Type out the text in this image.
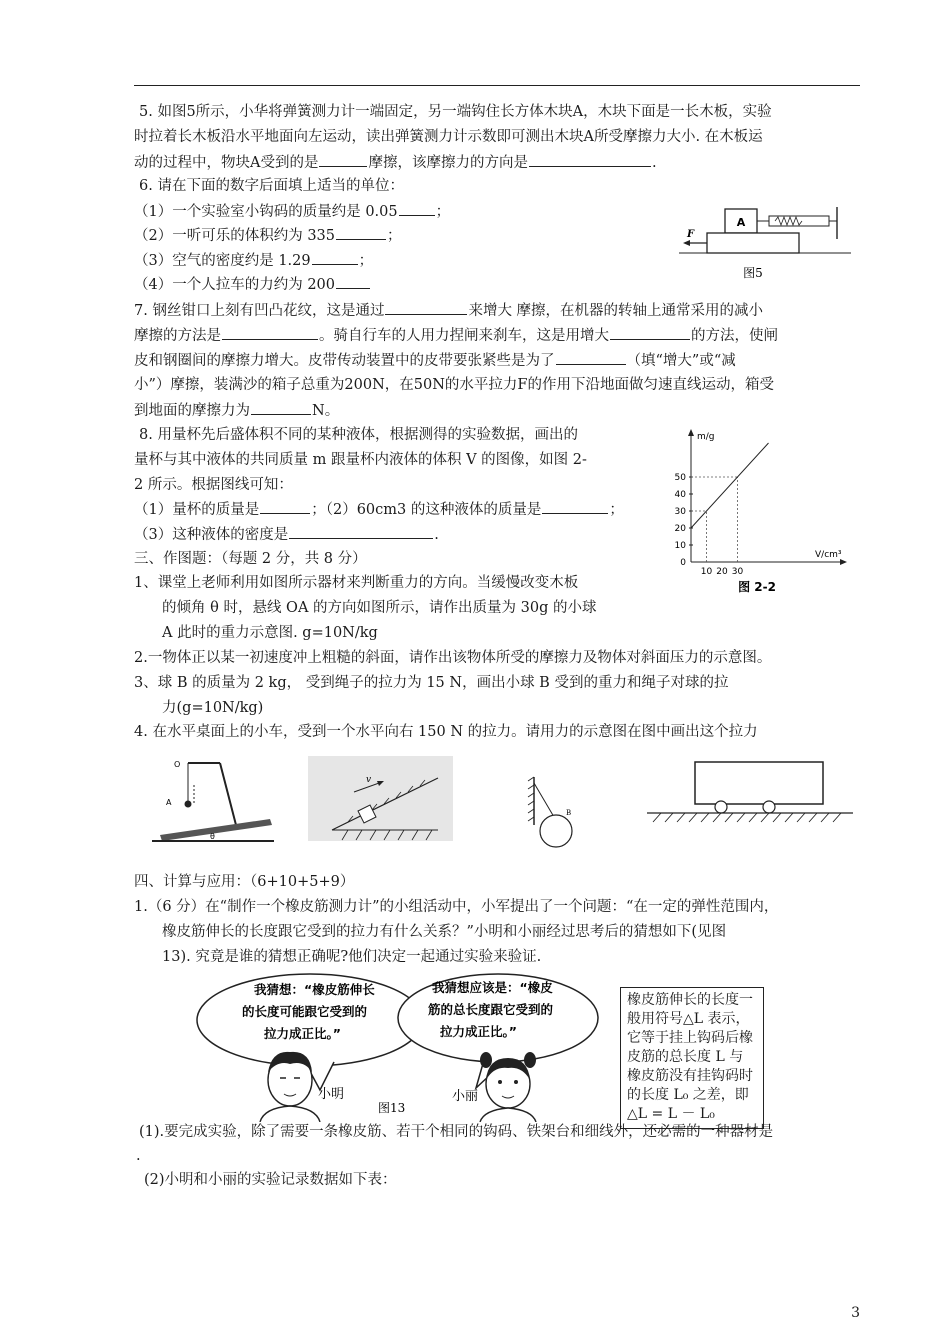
5. 如图5所示，小华将弹簧测力计一端固定，另一端钩住长方体木块A，木块下面是一长木板，实验
时拉着长木板沿水平地面向左运动，读出弹簧测力计示数即可测出木块A所受摩擦力大小. 在木板运
动的过程中，物块A受到的是	摩擦，该摩擦力的方向是	.
6. 请在下面的数字后面填上适当的单位：
（1）一个实验室小钩码的质量约是 0.05	；
（2）一听可乐的体积约为 335	；
（3）空气的密度约是 1.29	；
（4）一个人拉车的力约为 200
A
F
图5
7. 钢丝钳口上刻有凹凸花纹，这是通过	来增大 摩擦，在机器的转轴上通常采用的减小
摩擦的方法是	。骑自行车的人用力捏闸来刹车，这是用增大	的方法，使闸
皮和钢圈间的摩擦力增大。皮带传动装置中的皮带要张紧些是为了	（填“增大”或“减
小”）摩擦，装满沙的箱子总重为200N，在50N的水平拉力F的作用下沿地面做匀速直线运动，箱受
到地面的摩擦力为	N。
8. 用量杯先后盛体积不同的某种液体，根据测得的实验数据，画出的
量杯与其中液体的共同质量 m 跟量杯内液体的体积 V 的图像，如图 2-
2 所示。根据图线可知：
（1）量杯的质量是	；（2）60cm3 的这种液体的质量是	；
（3）这种液体的密度是	.
m/g
V/cm³
50
40
30
20
10
0
10 20 30
图 2-2
三、作图题：（每题 2 分，共 8 分）
1、课堂上老师利用如图所示器材来判断重力的方向。当缓慢改变木板
的倾角 θ 时，悬线 OA 的方向如图所示，请作出质量为 30g 的小球
A 此时的重力示意图. g=10N/kg
2.一物体正以某一初速度冲上粗糙的斜面，请作出该物体所受的摩擦力及物体对斜面压力的示意图。
3、球 B 的质量为 2 kg， 受到绳子的拉力为 15 N，画出小球 B 受到的重力和绳子对球的拉
力(g=10N/kg)
4. 在水平桌面上的小车，受到一个水平向右 150 N 的拉力。请用力的示意图在图中画出这个拉力
O
A
θ
v
B
四、计算与应用：（6+10+5+9）
1.（6 分）在“制作一个橡皮筋测力计”的小组活动中，小军提出了一个问题：“在一定的弹性范围内，
橡皮筋伸长的长度跟它受到的拉力有什么关系？”小明和小丽经过思考后的猜想如下(见图
13). 究竟是谁的猜想正确呢?他们决定一起通过实验来验证.
我猜想：“橡皮筋伸长
的长度可能跟它受到的
拉力成正比。”
我猜想应该是：“橡皮
筋的总长度跟它受到的
拉力成正比。”
小明	小丽
图13
橡皮筋伸长的长度一般用符号△L 表示，它等于挂上钩码后橡皮筋的总长度 L 与橡皮筋没有挂钩码时的长度 L₀ 之差，即 △L = L － L₀
(1).要完成实验，除了需要一条橡皮筋、若干个相同的钩码、铁架台和细线外，还必需的一种器材是
.
(2)小明和小丽的实验记录数据如下表：
3
